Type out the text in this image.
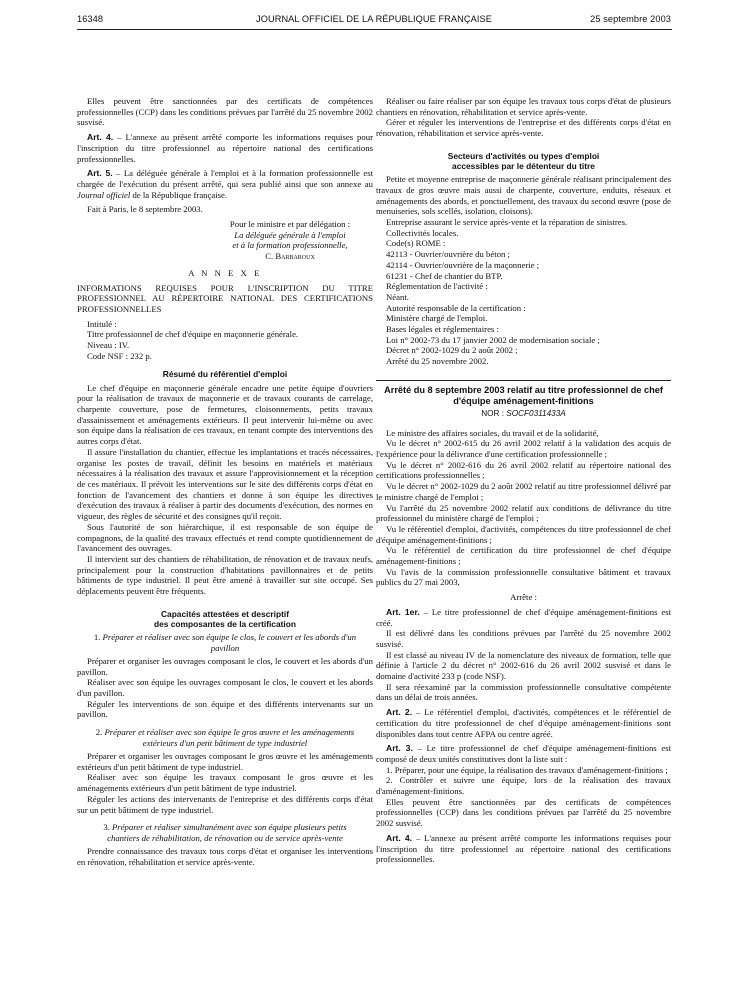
16348	JOURNAL OFFICIEL DE LA RÉPUBLIQUE FRANÇAISE	25 septembre 2003

Elles peuvent être sanctionnées par des certificats de compétences professionnelles (CCP) dans les conditions prévues par l'arrêté du 25 novembre 2002 susvisé.

Art. 4. – L'annexe au présent arrêté comporte les informations requises pour l'inscription du titre professionnel au répertoire national des certifications professionnelles.

Art. 5. – La déléguée générale à l'emploi et à la formation professionnelle est chargée de l'exécution du présent arrêté, qui sera publié ainsi que son annexe au Journal officiel de la République française.

Fait à Paris, le 8 septembre 2003.

Pour le ministre et par délégation :
La déléguée générale à l'emploi
et à la formation professionnelle,
C. Barbaroux
A N N E X E

INFORMATIONS REQUISES POUR L'INSCRIPTION DU TITRE PROFESSIONNEL AU RÉPERTOIRE NATIONAL DES CERTIFICATIONS PROFESSIONNELLES

Intitulé :

Titre professionnel de chef d'équipe en maçonnerie générale.

Niveau : IV.

Code NSF : 232 p.

Résumé du référentiel d'emploi

Le chef d'équipe en maçonnerie générale encadre une petite équipe d'ouvriers pour la réalisation de travaux de maçonnerie et de travaux courants de carrelage, charpente couverture, pose de fermetures, cloisonnements, petits travaux d'assainissement et aménagements extérieurs. Il peut intervenir lui-même ou avec son équipe dans la réalisation de ces travaux, en tenant compte des interventions des autres corps d'état.

Il assure l'installation du chantier, effectue les implantations et tracés nécessaires, organise les postes de travail, définit les besoins en matériels et matériaux nécessaires à la réalisation des travaux et assure l'approvisionnement et la réception de ces matériaux. Il prévoit les interventions sur le site des différents corps d'état en fonction de l'avancement des chantiers et donne à son équipe les directives d'exécution des travaux à réaliser à partir des documents d'exécution, des normes en vigueur, des règles de sécurité et des consignes qu'il reçoit.

Sous l'autorité de son hiérarchique, il est responsable de son équipe de compagnons, de la qualité des travaux effectués et rend compte quotidiennement de l'avancement des ouvrages.

Il intervient sur des chantiers de réhabilitation, de rénovation et de travaux neufs, principalement pour la construction d'habitations pavillonnaires et de petits bâtiments de type industriel. Il peut être amené à travailler sur site occupé. Ses déplacements peuvent être fréquents.

Capacités attestées et descriptif
des composantes de la certification
1. Préparer et réaliser avec son équipe le clos, le couvert et les abords d'un pavillon

Préparer et organiser les ouvrages composant le clos, le couvert et les abords d'un pavillon.

Réaliser avec son équipe les ouvrages composant le clos, le couvert et les abords d'un pavillon.

Réguler les interventions de son équipe et des différents intervenants sur un pavillon.

2. Préparer et réaliser avec son équipe le gros œuvre et les aménagements extérieurs d'un petit bâtiment de type industriel

Préparer et organiser les ouvrages composant le gros œuvre et les aménagements extérieurs d'un petit bâtiment de type industriel.

Réaliser avec son équipe les travaux composant le gros œuvre et les aménagements extérieurs d'un petit bâtiment de type industriel.

Réguler les actions des intervenants de l'entreprise et des différents corps d'état sur un petit bâtiment de type industriel.

3. Préparer et réaliser simultanément avec son équipe plusieurs petits chantiers de réhabilitation, de rénovation ou de service après-vente

Prendre connaissance des travaux tous corps d'état et organiser les interventions en rénovation, réhabilitation et service après-vente.

Réaliser ou faire réaliser par son équipe les travaux tous corps d'état de plusieurs chantiers en rénovation, réhabilitation et service après-vente.

Gérer et réguler les interventions de l'entreprise et des différents corps d'état en rénovation, réhabilitation et service après-vente.

Secteurs d'activités ou types d'emploi
accessibles par le détenteur du titre

Petite et moyenne entreprise de maçonnerie générale réalisant principalement des travaux de gros œuvre mais aussi de charpente, couverture, enduits, réseaux et aménagements des abords, et ponctuellement, des travaux du second œuvre (pose de menuiseries, sols scellés, isolation, cloisons).

Entreprise assurant le service après-vente et la réparation de sinistres.

Collectivités locales.

Code(s) ROME :

42113 - Ouvrier/ouvrière du béton ;

42114 - Ouvrier/ouvrière de la maçonnerie ;

61231 - Chef de chantier du BTP.

Réglementation de l'activité :

Néant.

Autorité responsable de la certification :

Ministère chargé de l'emploi.

Bases légales et réglementaires :

Loi n° 2002-73 du 17 janvier 2002 de modernisation sociale ;

Décret n° 2002-1029 du 2 août 2002 ;

Arrêté du 25 novembre 2002.

Arrêté du 8 septembre 2003 relatif au titre professionnel de chef d'équipe aménagement-finitions
NOR : SOCF0311433A

Le ministre des affaires sociales, du travail et de la solidarité,

Vu le décret n° 2002-615 du 26 avril 2002 relatif à la validation des acquis de l'expérience pour la délivrance d'une certification professionnelle ;

Vu le décret n° 2002-616 du 26 avril 2002 relatif au répertoire national des certifications professionnelles ;

Vu le décret n° 2002-1029 du 2 août 2002 relatif au titre professionnel délivré par le ministre chargé de l'emploi ;

Vu l'arrêté du 25 novembre 2002 relatif aux conditions de délivrance du titre professionnel du ministère chargé de l'emploi ;

Vu le référentiel d'emploi, d'activités, compétences du titre professionnel de chef d'équipe aménagement-finitions ;

Vu le référentiel de certification du titre professionnel de chef d'équipe aménagement-finitions ;

Vu l'avis de la commission professionnelle consultative bâtiment et travaux publics du 27 mai 2003,

Arrête :

Art. 1er. – Le titre professionnel de chef d'équipe aménagement-finitions est créé.

Il est délivré dans les conditions prévues par l'arrêté du 25 novembre 2002 susvisé.

Il est classé au niveau IV de la nomenclature des niveaux de formation, telle que définie à l'article 2 du décret n° 2002-616 du 26 avril 2002 susvisé et dans le domaine d'activité 233 p (code NSF).

Il sera réexaminé par la commission professionnelle consultative compétente dans un délai de trois années.

Art. 2. – Le référentiel d'emploi, d'activités, compétences et le référentiel de certification du titre professionnel de chef d'équipe aménagement-finitions sont disponibles dans tout centre AFPA ou centre agréé.

Art. 3. – Le titre professionnel de chef d'équipe aménagement-finitions est composé de deux unités constitutives dont la liste suit :

1. Préparer, pour une équipe, la réalisation des travaux d'aménagement-finitions ;

2. Contrôler et suivre une équipe, lors de la réalisation des travaux d'aménagement-finitions.

Elles peuvent être sanctionnées par des certificats de compétences professionnelles (CCP) dans les conditions prévues par l'arrêté du 25 novembre 2002 susvisé.

Art. 4. – L'annexe au présent arrêté comporte les informations requises pour l'inscription du titre professionnel au répertoire national des certifications professionnelles.
